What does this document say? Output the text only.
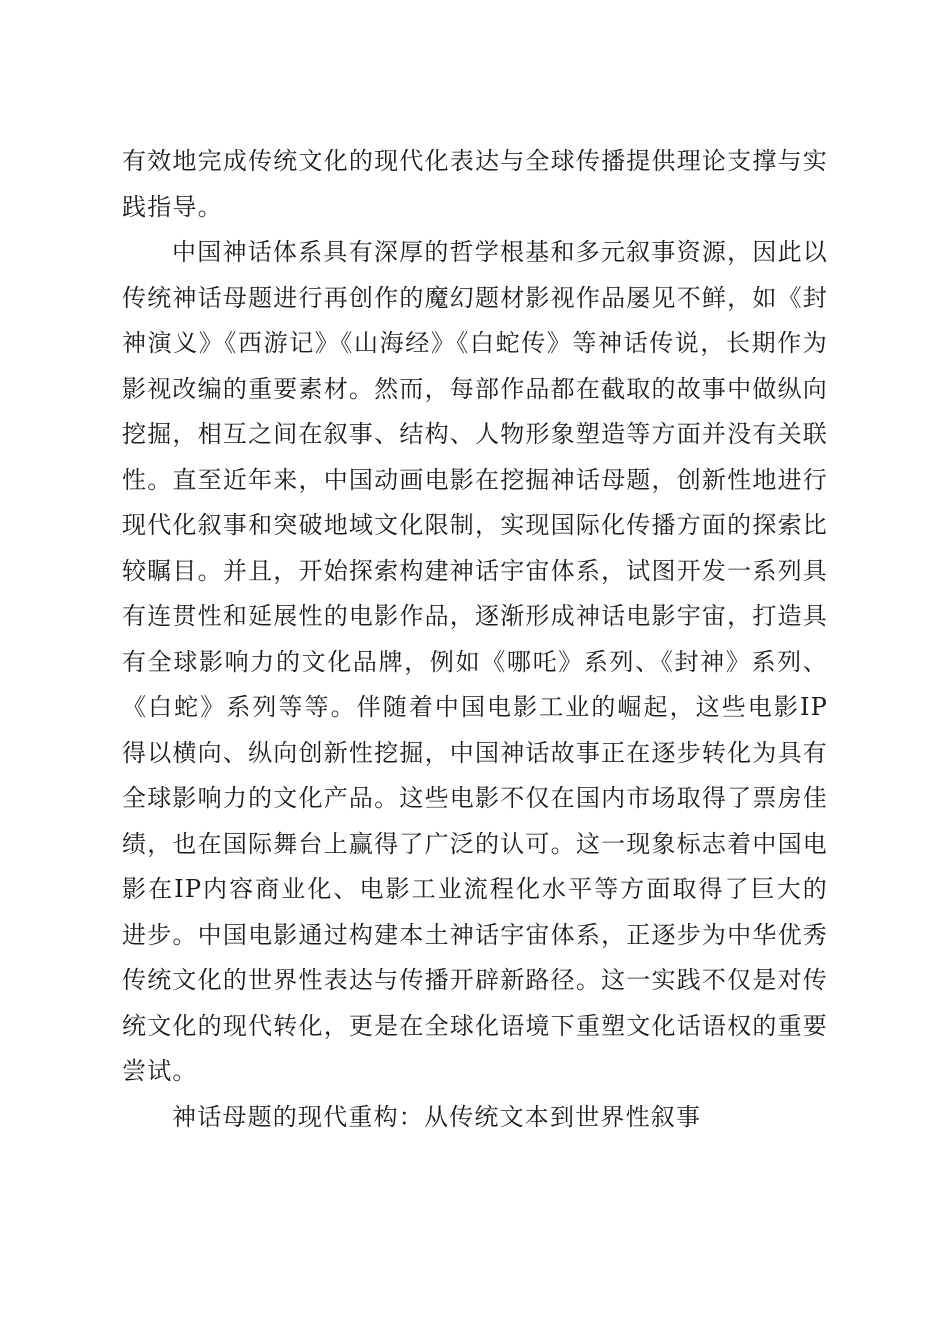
有效地完成传统文化的现代化表达与全球传播提供理论支撑与实践指导。

中国神话体系具有深厚的哲学根基和多元叙事资源，因此以传统神话母题进行再创作的魔幻题材影视作品屡见不鲜，如《封神演义》《西游记》《山海经》《白蛇传》等神话传说，长期作为影视改编的重要素材。然而，每部作品都在截取的故事中做纵向挖掘，相互之间在叙事、结构、人物形象塑造等方面并没有关联性。直至近年来，中国动画电影在挖掘神话母题，创新性地进行现代化叙事和突破地域文化限制，实现国际化传播方面的探索比较瞩目。并且，开始探索构建神话宇宙体系，试图开发一系列具有连贯性和延展性的电影作品，逐渐形成神话电影宇宙，打造具有全球影响力的文化品牌，例如《哪吒》系列、《封神》系列、《白蛇》系列等等。伴随着中国电影工业的崛起，这些电影IP得以横向、纵向创新性挖掘，中国神话故事正在逐步转化为具有全球影响力的文化产品。这些电影不仅在国内市场取得了票房佳绩，也在国际舞台上赢得了广泛的认可。这一现象标志着中国电影在IP内容商业化、电影工业流程化水平等方面取得了巨大的进步。中国电影通过构建本土神话宇宙体系，正逐步为中华优秀传统文化的世界性表达与传播开辟新路径。这一实践不仅是对传统文化的现代转化，更是在全球化语境下重塑文化话语权的重要尝试。

神话母题的现代重构：从传统文本到世界性叙事
